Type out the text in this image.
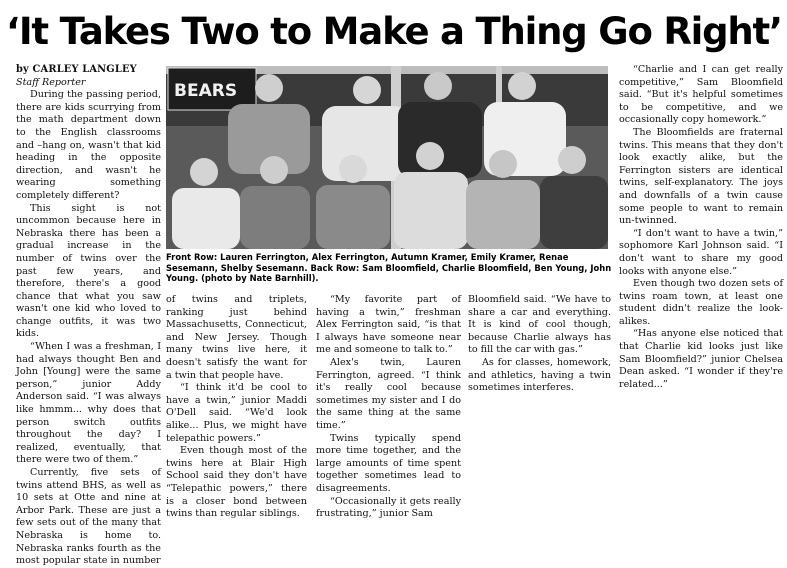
‘It Takes Two to Make a Thing Go Right’

by CARLEY LANGLEY

Staff Reporter

During the passing period, there are kids scurrying from the math department down to the English classrooms and –hang on, wasn't that kid heading in the opposite direction, and wasn't he wearing something completely different?

This sight is not uncommon because here in Nebraska there has been a gradual increase in the number of twins over the past few years, and therefore, there's a good chance that what you saw wasn't one kid who loved to change outfits, it was two kids.

“When I was a freshman, I had always thought Ben and John [Young] were the same person,” junior Addy Anderson said. “I was always like hmmm... why does that person switch outfits throughout the day? I realized, eventually, that there were two of them.”

Currently, five sets of twins attend BHS, as well as 10 sets at Otte and nine at Arbor Park. These are just a few sets out of the many that Nebraska is home to. Nebraska ranks fourth as the most popular state in number

BEARS
Front Row: Lauren Ferrington, Alex Ferrington, Autumn Kramer, Emily Kramer, Renae Sesemann, Shelby Sesemann. Back Row: Sam Bloomfield, Charlie Bloomfield, Ben Young, John Young. (photo by Nate Barnhill).

of twins and triplets, ranking just behind Massachusetts, Connecticut, and New Jersey. Though many twins live here, it doesn't satisfy the want for a twin that people have.

“I think it'd be cool to have a twin,” junior Maddi O'Dell said. “We'd look alike... Plus, we might have telepathic powers.”

Even though most of the twins here at Blair High School said they don't have “Telepathic powers,” there is a closer bond between twins than regular siblings.

“My favorite part of having a twin,” freshman Alex Ferrington said, “is that I always have someone near me and someone to talk to.”

Alex's twin, Lauren Ferrington, agreed. “I think it's really cool because sometimes my sister and I do the same thing at the same time.”

Twins typically spend more time together, and the large amounts of time spent together sometimes lead to disagreements.

“Occasionally it gets really frustrating,” junior Sam

Bloomfield said. “We have to share a car and everything. It is kind of cool though, because Charlie always has to fill the car with gas.”

As for classes, homework, and athletics, having a twin sometimes interferes.

“Charlie and I can get really competitive,” Sam Bloomfield said. “But it's helpful sometimes to be competitive, and we occasionally copy homework.”

The Bloomfields are fraternal twins. This means that they don't look exactly alike, but the Ferrington sisters are identical twins, self-explanatory. The joys and downfalls of a twin cause some people to want to remain un-twinned.

“I don't want to have a twin,” sophomore Karl Johnson said. “I don't want to share my good looks with anyone else.”

Even though two dozen sets of twins roam town, at least one student didn't realize the look-alikes.

“Has anyone else noticed that that Charlie kid looks just like Sam Bloomfield?” junior Chelsea Dean asked. “I wonder if they're related...”
